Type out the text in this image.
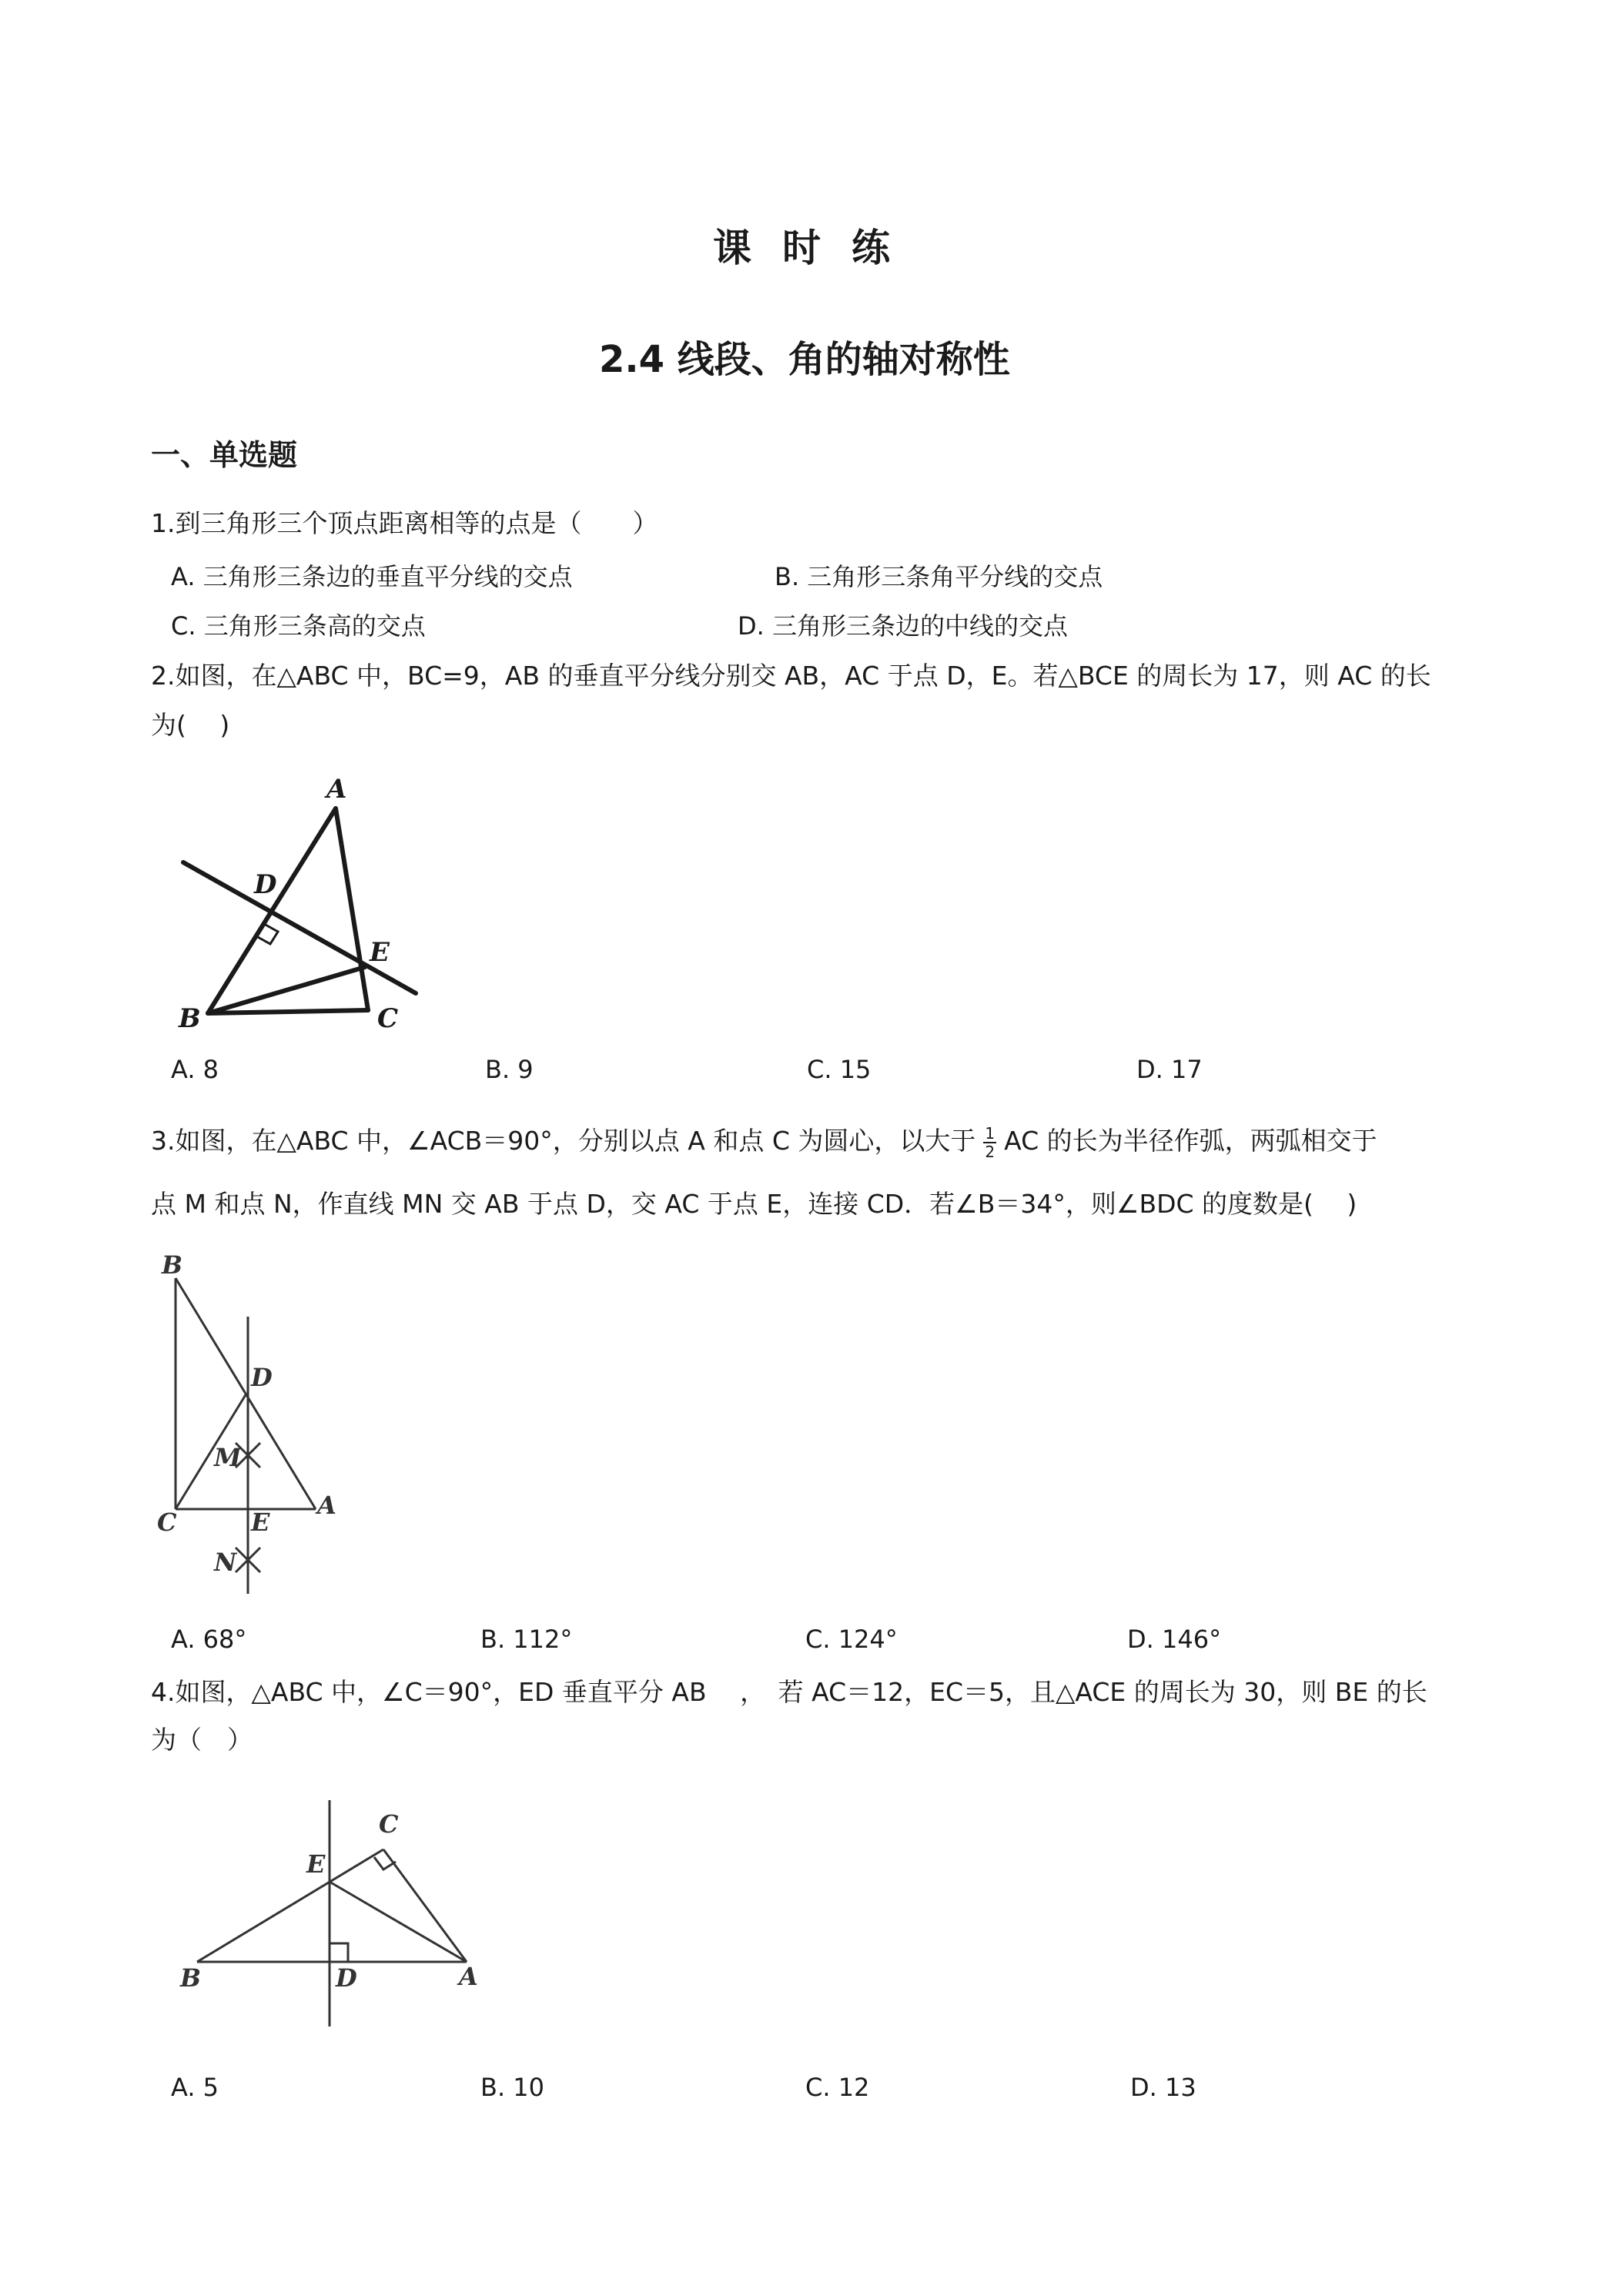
课时练
2.4 线段、角的轴对称性
一、单选题
1.到三角形三个顶点距离相等的点是（　　）
A. 三角形三条边的垂直平分线的交点	B. 三角形三条角平分线的交点
C. 三角形三条高的交点	D. 三角形三条边的中线的交点
2.如图，在△ABC 中，BC=9，AB 的垂直平分线分别交 AB，AC 于点 D，E。若△BCE 的周长为 17，则 AC 的长
为(　 )
A
D
E
B	C
A. 8	B. 9	C. 15	D. 17
3.如图，在△ABC 中，∠ACB＝90°，分别以点 A 和点 C 为圆心，以大于 $\frac{1}{2}$ AC 的长为半径作弧，两弧相交于
点 M 和点 N，作直线 MN 交 AB 于点 D，交 AC 于点 E，连接 CD．若∠B＝34°，则∠BDC 的度数是(　 )
B
D
M
C	E
A
N
A. 68°	B. 112°	C. 124°	D. 146°
4.如图，△ABC 中，∠C＝90°，ED 垂直平分 AB　 ，　若 AC＝12，EC＝5，且△ACE 的周长为 30，则 BE 的长
为（　）
C
E
B	D	A
A. 5	B. 10	C. 12	D. 13
